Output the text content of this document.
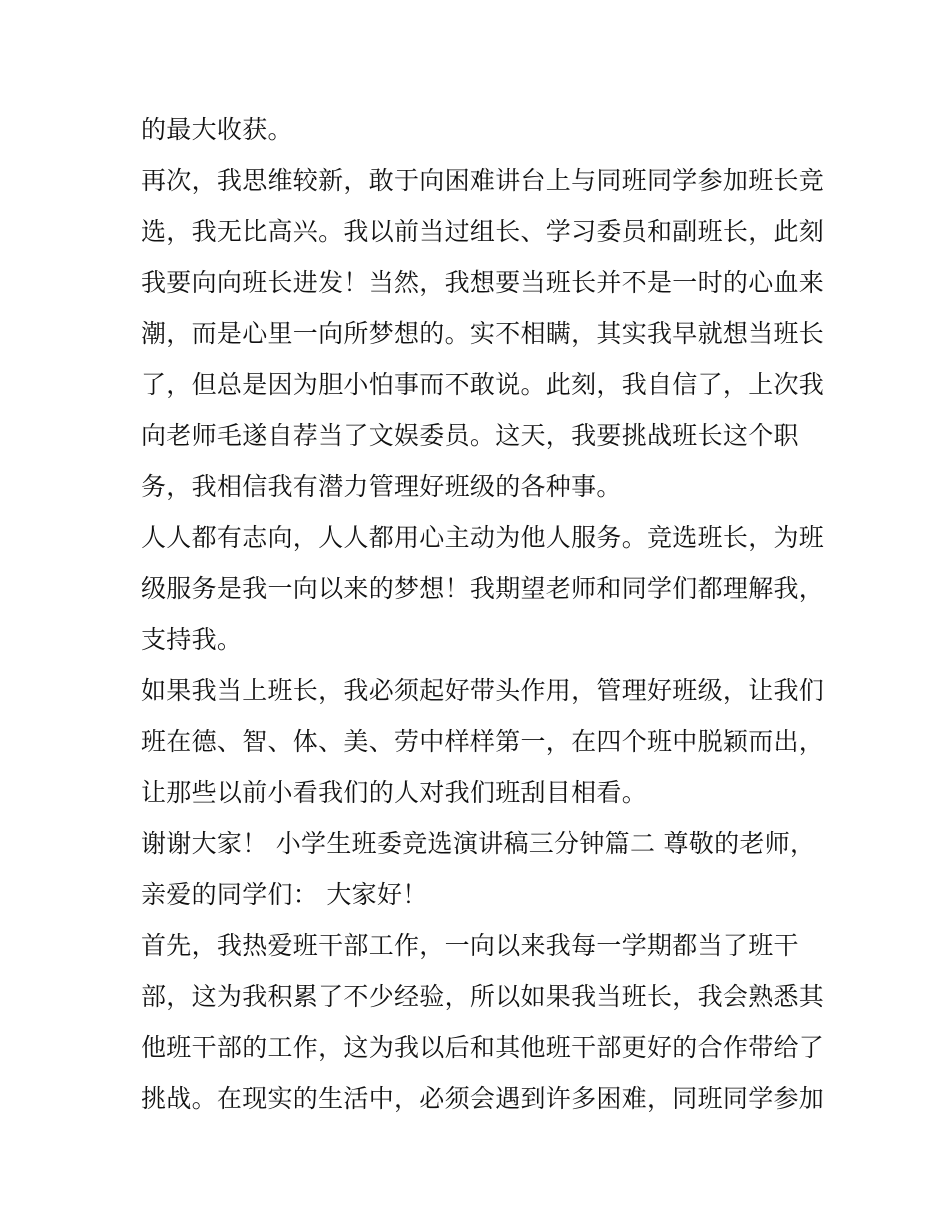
的最大收获。
再次，我思维较新，敢于向困难讲台上与同班同学参加班长竞
选，我无比高兴。我以前当过组长、学习委员和副班长，此刻
我要向向班长进发！当然，我想要当班长并不是一时的心血来
潮，而是心里一向所梦想的。实不相瞒，其实我早就想当班长
了，但总是因为胆小怕事而不敢说。此刻，我自信了，上次我
向老师毛遂自荐当了文娱委员。这天，我要挑战班长这个职
务，我相信我有潜力管理好班级的各种事。
人人都有志向，人人都用心主动为他人服务。竞选班长，为班
级服务是我一向以来的梦想！我期望老师和同学们都理解我，
支持我。
如果我当上班长，我必须起好带头作用，管理好班级，让我们
班在德、智、体、美、劳中样样第一，在四个班中脱颖而出，
让那些以前小看我们的人对我们班刮目相看。
谢谢大家！ 小学生班委竞选演讲稿三分钟篇二 尊敬的老师，
亲爱的同学们： 大家好！
首先，我热爱班干部工作，一向以来我每一学期都当了班干
部，这为我积累了不少经验，所以如果我当班长，我会熟悉其
他班干部的工作，这为我以后和其他班干部更好的合作带给了
挑战。在现实的生活中，必须会遇到许多困难，同班同学参加
